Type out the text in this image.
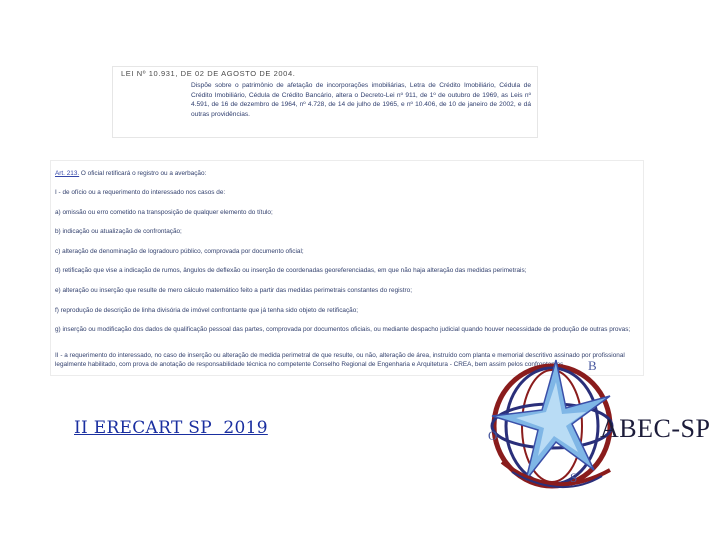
LEI Nº 10.931, DE 02 DE AGOSTO DE 2004.
Dispõe sobre o patrimônio de afetação de incorporações imobiliárias, Letra de Crédito Imobiliário, Cédula de Crédito Imobiliário, Cédula de Crédito Bancário, altera o Decreto-Lei nº 911, de 1º de outubro de 1969, as Leis nº 4.591, de 16 de dezembro de 1964, nº 4.728, de 14 de julho de 1965, e nº 10.406, de 10 de janeiro de 2002, e dá outras providências.
Art. 213. O oficial retificará o registro ou a averbação:
I - de ofício ou a requerimento do interessado nos casos de:
a) omissão ou erro cometido na transposição de qualquer elemento do título;
b) indicação ou atualização de confrontação;
c) alteração de denominação de logradouro público, comprovada por documento oficial;
d) retificação que vise a indicação de rumos, ângulos de deflexão ou inserção de coordenadas georeferenciadas, em que não haja alteração das medidas perimetrais;
e) alteração ou inserção que resulte de mero cálculo matemático feito a partir das medidas perimetrais constantes do registro;
f) reprodução de descrição de linha divisória de imóvel confrontante que já tenha sido objeto de retificação;
g) inserção ou modificação dos dados de qualificação pessoal das partes, comprovada por documentos oficiais, ou mediante despacho judicial quando houver necessidade de produção de outras provas;
II - a requerimento do interessado, no caso de inserção ou alteração de medida perimetral de que resulte, ou não, alteração de área, instruído com planta e memorial descritivo assinado por profissional legalmente habilitado, com prova de anotação de responsabilidade técnica no competente Conselho Regional de Engenharia e Arquitetura - CREA, bem assim pelos confrontantes.
II ERECART SP  2019	ABEC-SP
B
O
S
